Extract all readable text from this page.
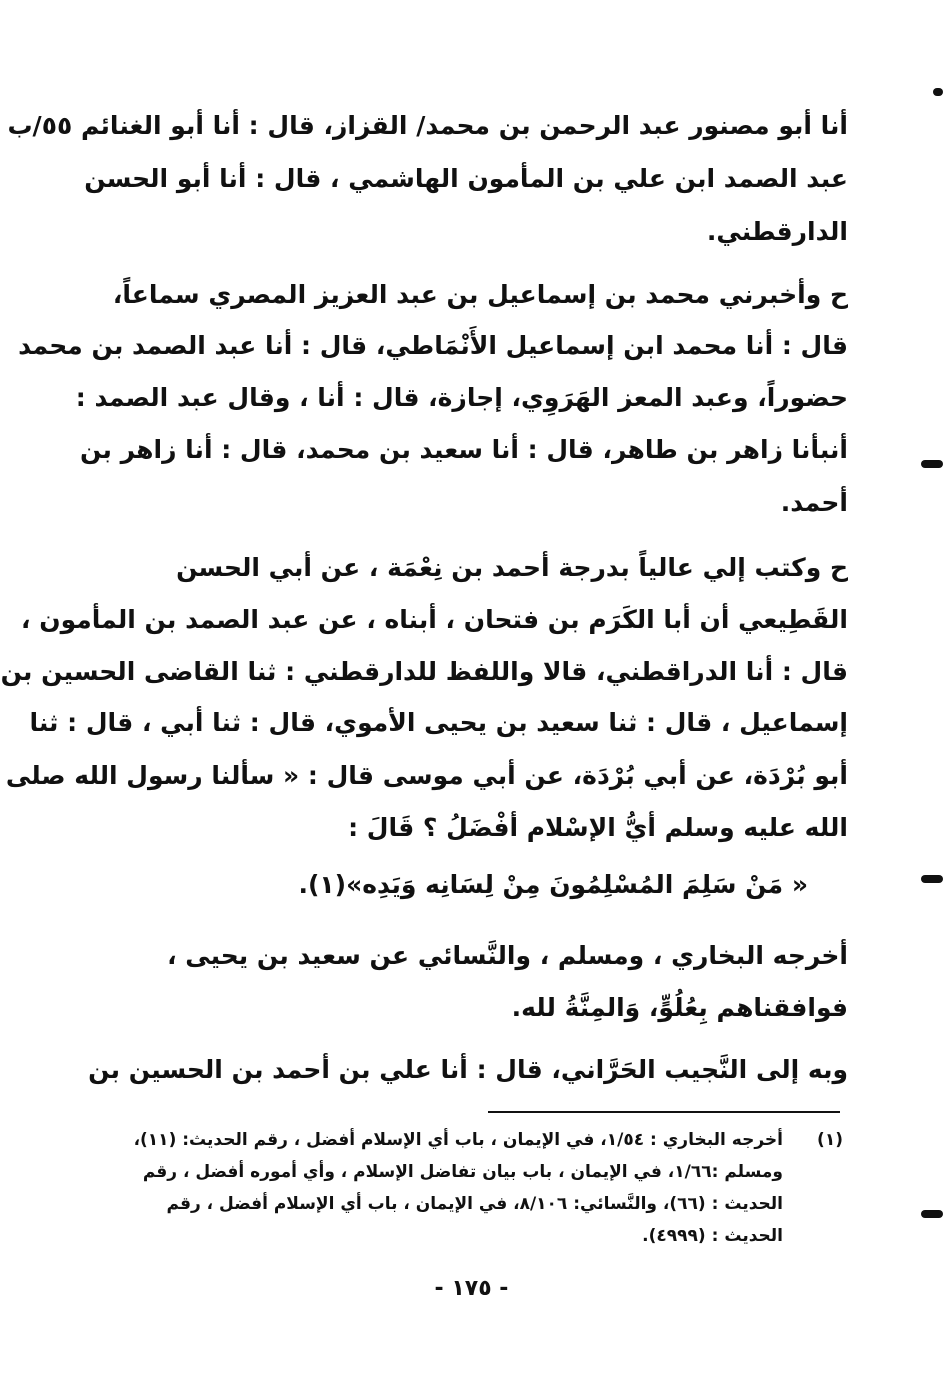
أنا أبو مصنور عبد الرحمن بن محمد/ القزاز، قال : أنا أبو الغنائم ٥٥/ب
عبد الصمد ابن علي بن المأمون الهاشمي ، قال : أنا أبو الحسن
الدارقطني.
ح وأخبرني محمد بن إسماعيل بن عبد العزيز المصري سماعاً،
قال : أنا محمد ابن إسماعيل الأَنْمَاطي، قال : أنا عبد الصمد بن محمد
حضوراً، وعبد المعز الهَرَوِي، إجازة، قال : أنا ، وقال عبد الصمد :
أنبأنا زاهر بن طاهر، قال : أنا سعيد بن محمد، قال : أنا زاهر بن
أحمد.
ح وكتب إلي عالياً بدرجة أحمد بن نِعْمَة ، عن أبي الحسن
القَطِيعي أن أبا الكَرَم بن فتحان ، أبناه ، عن عبد الصمد بن المأمون ،
قال : أنا الدراقطني، قالا واللفظ للدارقطني : ثنا القاضى الحسين بن
إسماعيل ، قال : ثنا سعيد بن يحيى الأموي، قال : ثنا أبي ، قال : ثنا
أبو بُرْدَة، عن أبي بُرْدَة، عن أبي موسى قال : « سألنا رسول الله صلى
الله عليه وسلم أيُّ الإسْلام أفْضَلُ ؟ قَالَ :
« مَنْ سَلِمَ المُسْلِمُونَ مِنْ لِسَانِه وَيَدِه»(١).
أخرجه البخاري ، ومسلم ، والنَّسائي عن سعيد بن يحيى ،
فوافقناهم بِعُلُوٍّ، وَالمِنَّةُ لله.
وبه إلى النَّجيب الحَرَّاني، قال : أنا علي بن أحمد بن الحسين بن
(١)
أخرجه البخاري : ١/٥٤، في الإيمان ، باب أي الإسلام أفضل ، رقم الحديث: (١١)،
ومسلم :١/٦٦، في الإيمان ، باب بيان تفاضل الإسلام ، وأي أموره أفضل ، رقم
الحديث : (٦٦)، والنَّسائي: ٨/١٠٦، في الإيمان ، باب أي الإسلام أفضل ، رقم
الحديث : (٤٩٩٩).
- ١٧٥ -
